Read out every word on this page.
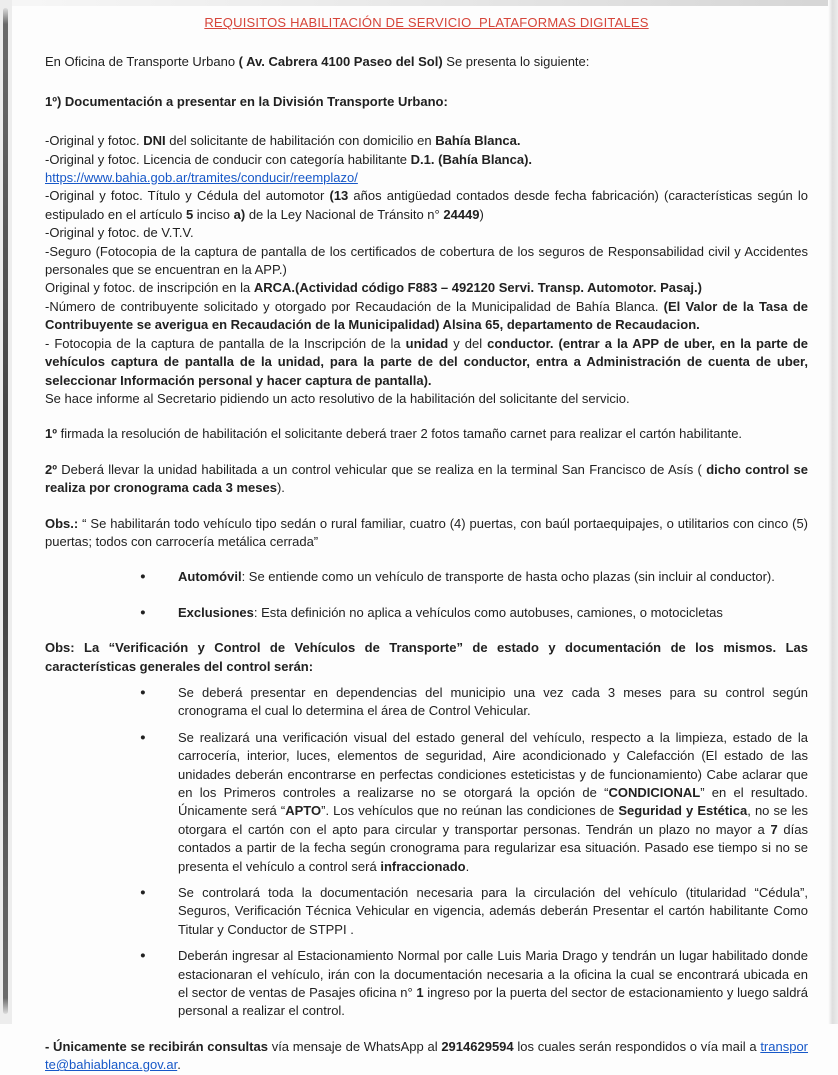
REQUISITOS HABILITACIÓN DE SERVICIO  PLATAFORMAS DIGITALES
En Oficina de Transporte Urbano ( Av. Cabrera 4100 Paseo del Sol) Se presenta lo siguiente:
1º) Documentación a presentar en la División Transporte Urbano:
-Original y fotoc. DNI del solicitante de habilitación con domicilio en Bahía Blanca.
-Original y fotoc. Licencia de conducir con categoría habilitante D.1. (Bahía Blanca).
https://www.bahia.gob.ar/tramites/conducir/reemplazo/
-Original y fotoc. Título y Cédula del automotor (13 años antigüedad contados desde fecha fabricación) (características según lo estipulado en el artículo 5 inciso a) de la Ley Nacional de Tránsito n° 24449)
-Original y fotoc. de V.T.V.
-Seguro (Fotocopia de la captura de pantalla de los certificados de cobertura de los seguros de Responsabilidad civil y Accidentes personales que se encuentran en la APP.)
Original y fotoc. de inscripción en la ARCA.(Actividad código F883 – 492120 Servi. Transp. Automotor. Pasaj.)
-Número de contribuyente solicitado y otorgado por Recaudación de la Municipalidad de Bahía Blanca. (El Valor de la Tasa de Contribuyente se averigua en Recaudación de la Municipalidad) Alsina 65, departamento de Recaudacion.
- Fotocopia de la captura de pantalla de la Inscripción de la unidad y del conductor. (entrar a la APP de uber, en la parte de vehículos captura de pantalla de la unidad, para la parte de del conductor, entra a Administración de cuenta de uber, seleccionar Información personal y hacer captura de pantalla).
Se hace informe al Secretario pidiendo un acto resolutivo de la habilitación del solicitante del servicio.
1º firmada la resolución de habilitación el solicitante deberá traer 2 fotos tamaño carnet para realizar el cartón habilitante.
2º Deberá llevar la unidad habilitada a un control vehicular que se realiza en la terminal San Francisco de Asís ( dicho control se realiza por cronograma cada 3 meses).
Obs.: “ Se habilitarán todo vehículo tipo sedán o rural familiar, cuatro (4) puertas, con baúl portaequipajes, o utilitarios con cinco (5) puertas; todos con carrocería metálica cerrada”
● Automóvil: Se entiende como un vehículo de transporte de hasta ocho plazas (sin incluir al conductor).
● Exclusiones: Esta definición no aplica a vehículos como autobuses, camiones, o motocicletas
Obs: La “Verificación y Control de Vehículos de Transporte” de estado y documentación de los mismos. Las características generales del control serán:
● Se deberá presentar en dependencias del municipio una vez cada 3 meses para su control según cronograma el cual lo determina el área de Control Vehicular.
● Se realizará una verificación visual del estado general del vehículo, respecto a la limpieza, estado de la carrocería, interior, luces, elementos de seguridad, Aire acondicionado y Calefacción (El estado de las unidades deberán encontrarse en perfectas condiciones esteticistas y de funcionamiento) Cabe aclarar que en los Primeros controles a realizarse no se otorgará la opción de “CONDICIONAL” en el resultado. Únicamente será “APTO”. Los vehículos que no reúnan las condiciones de Seguridad y Estética, no se les otorgara el cartón con el apto para circular y transportar personas. Tendrán un plazo no mayor a 7 días contados a partir de la fecha según cronograma para regularizar esa situación. Pasado ese tiempo si no se presenta el vehículo a control será infraccionado.
● Se controlará toda la documentación necesaria para la circulación del vehículo (titularidad “Cédula”, Seguros, Verificación Técnica Vehicular en vigencia, además deberán Presentar el cartón habilitante Como Titular y Conductor de STPPI .
● Deberán ingresar al Estacionamiento Normal por calle Luis Maria Drago y tendrán un lugar habilitado donde estacionaran el vehículo, irán con la documentación necesaria a la oficina la cual se encontrará ubicada en el sector de ventas de Pasajes oficina n° 1 ingreso por la puerta del sector de estacionamiento y luego saldrá personal a realizar el control.
- Únicamente se recibirán consultas vía mensaje de WhatsApp al 2914629594 los cuales serán respondidos o vía mail a transporte@bahiablanca.gov.ar.
